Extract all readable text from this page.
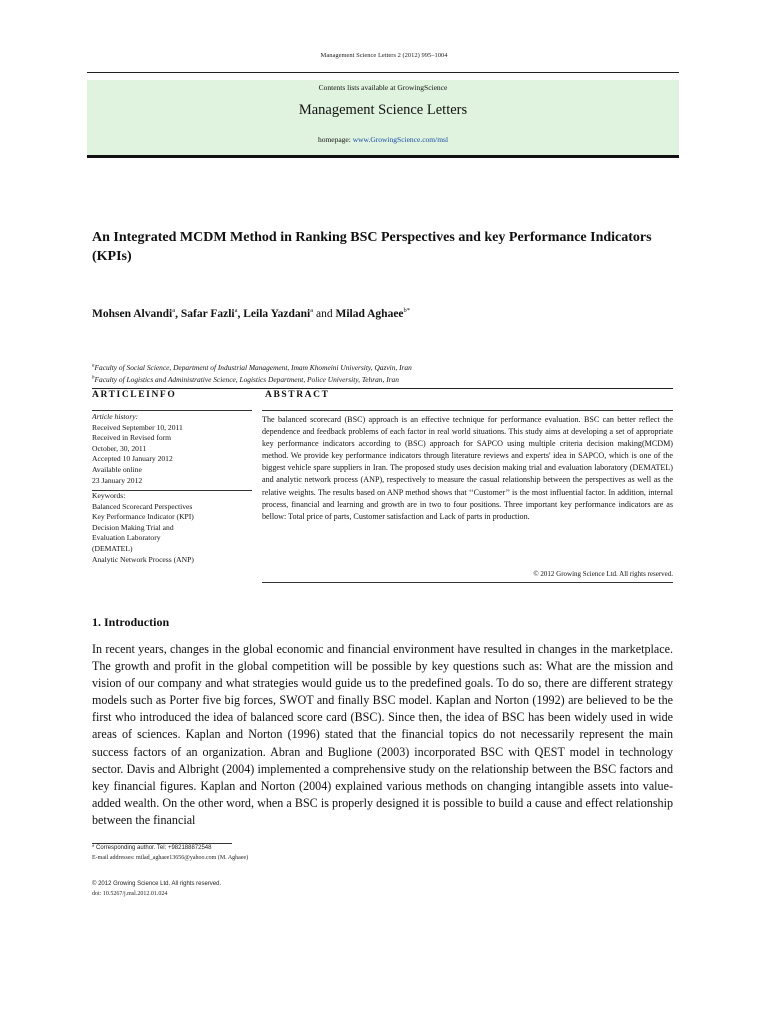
Management Science Letters 2 (2012) 995–1004
Contents lists available at GrowingScience
Management Science Letters
homepage: www.GrowingScience.com/msl
An Integrated MCDM Method in Ranking BSC Perspectives and key Performance Indicators (KPIs)
Mohsen Alvandi$^a$, Safar Fazli$^a$, Leila Yazdani$^a$ and Milad Aghaee$^{b*}$
$^a$Faculty of Social Science, Department of Industrial Management, Imam Khomeini University, Qazvin, Iran
$^b$Faculty of Logistics and Administrative Science, Logistics Department, Police University, Tehran, Iran
ARTICLEINFO	ABSTRACT
Article history:
Received September 10, 2011
Received in Revised form
October, 30, 2011
Accepted 10 January 2012
Available online
23 January 2012
Keywords:
Balanced Scorecard Perspectives
Key Performance Indicator (KPI)
Decision Making Trial and
Evaluation Laboratory
(DEMATEL)
Analytic Network Process (ANP)
The balanced scorecard (BSC) approach is an effective technique for performance evaluation. BSC can better reflect the dependence and feedback problems of each factor in real world situations. This study aims at developing a set of appropriate key performance indicators according to (BSC) approach for SAPCO using multiple criteria decision making(MCDM) method. We provide key performance indicators through literature reviews and experts' idea in SAPCO, which is one of the biggest vehicle spare suppliers in Iran. The proposed study uses decision making trial and evaluation laboratory (DEMATEL) and analytic network process (ANP), respectively to measure the casual relationship between the perspectives as well as the relative weights. The results based on ANP method shows that ‘‘Customer’’ is the most influential factor. In addition, internal process, financial and learning and growth are in two to four positions. Three important key performance indicators are as bellow: Total price of parts, Customer satisfaction and Lack of parts in production.
© 2012 Growing Science Ltd. All rights reserved.
1. Introduction
In recent years, changes in the global economic and financial environment have resulted in changes in the marketplace. The growth and profit in the global competition will be possible by key questions such as: What are the mission and vision of our company and what strategies would guide us to the predefined goals. To do so, there are different strategy models such as Porter five big forces, SWOT and finally BSC model. Kaplan and Norton (1992) are believed to be the first who introduced the idea of balanced score card (BSC). Since then, the idea of BSC has been widely used in wide areas of sciences. Kaplan and Norton (1996) stated that the financial topics do not necessarily represent the main success factors of an organization. Abran and Buglione (2003) incorporated BSC with QEST model in technology sector. Davis and Albright (2004) implemented a comprehensive study on the relationship between the BSC factors and key financial figures. Kaplan and Norton (2004) explained various methods on changing intangible assets into value-added wealth. On the other word, when a BSC is properly designed it is possible to build a cause and effect relationship between the financial
* Corresponding author. Tel: +982188872548
E-mail addresses: milad_aghaee13656@yahoo.com (M. Aghaee)
© 2012 Growing Science Ltd. All rights reserved.
doi: 10.5267/j.msl.2012.01.024
